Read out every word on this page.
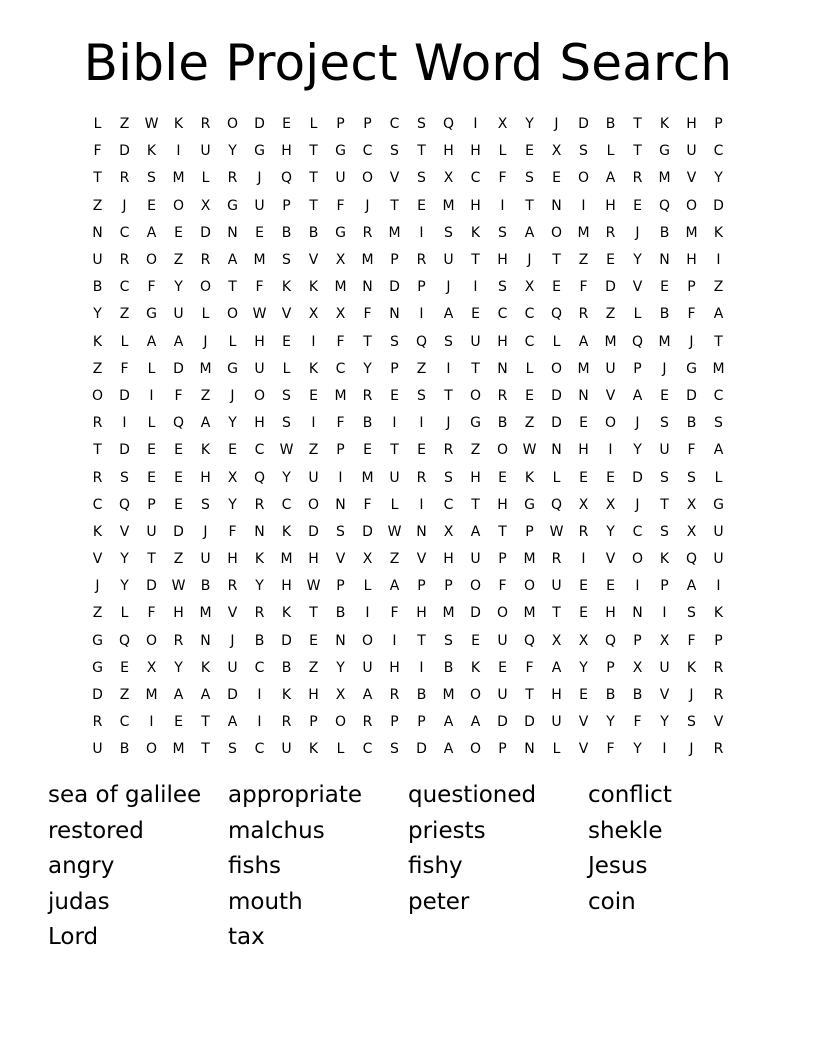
Bible Project Word Search
L	Z	W	K	R	O	D	E	L	P	P	C	S	Q	I	X	Y	J	D	B	T	K	H	P
F	D	K	I	U	Y	G	H	T	G	C	S	T	H	H	L	E	X	S	L	T	G	U	C
T	R	S	M	L	R	J	Q	T	U	O	V	S	X	C	F	S	E	O	A	R	M	V	Y
Z	J	E	O	X	G	U	P	T	F	J	T	E	M	H	I	T	N	I	H	E	Q	O	D
N	C	A	E	D	N	E	B	B	G	R	M	I	S	K	S	A	O	M	R	J	B	M	K
U	R	O	Z	R	A	M	S	V	X	M	P	R	U	T	H	J	T	Z	E	Y	N	H	I
B	C	F	Y	O	T	F	K	K	M	N	D	P	J	I	S	X	E	F	D	V	E	P	Z
Y	Z	G	U	L	O	W	V	X	X	F	N	I	A	E	C	C	Q	R	Z	L	B	F	A
K	L	A	A	J	L	H	E	I	F	T	S	Q	S	U	H	C	L	A	M	Q	M	J	T
Z	F	L	D	M	G	U	L	K	C	Y	P	Z	I	T	N	L	O	M	U	P	J	G	M
O	D	I	F	Z	J	O	S	E	M	R	E	S	T	O	R	E	D	N	V	A	E	D	C
R	I	L	Q	A	Y	H	S	I	F	B	I	I	J	G	B	Z	D	E	O	J	S	B	S
T	D	E	E	K	E	C	W	Z	P	E	T	E	R	Z	O	W	N	H	I	Y	U	F	A
R	S	E	E	H	X	Q	Y	U	I	M	U	R	S	H	E	K	L	E	E	D	S	S	L
C	Q	P	E	S	Y	R	C	O	N	F	L	I	C	T	H	G	Q	X	X	J	T	X	G
K	V	U	D	J	F	N	K	D	S	D	W	N	X	A	T	P	W	R	Y	C	S	X	U
V	Y	T	Z	U	H	K	M	H	V	X	Z	V	H	U	P	M	R	I	V	O	K	Q	U
J	Y	D	W	B	R	Y	H	W	P	L	A	P	P	O	F	O	U	E	E	I	P	A	I
Z	L	F	H	M	V	R	K	T	B	I	F	H	M	D	O	M	T	E	H	N	I	S	K
G	Q	O	R	N	J	B	D	E	N	O	I	T	S	E	U	Q	X	X	Q	P	X	F	P
G	E	X	Y	K	U	C	B	Z	Y	U	H	I	B	K	E	F	A	Y	P	X	U	K	R
D	Z	M	A	A	D	I	K	H	X	A	R	B	M	O	U	T	H	E	B	B	V	J	R
R	C	I	E	T	A	I	R	P	O	R	P	P	A	A	D	D	U	V	Y	F	Y	S	V
U	B	O	M	T	S	C	U	K	L	C	S	D	A	O	P	N	L	V	F	Y	I	J	R
sea of galilee	appropriate	questioned	conflict
restored	malchus	priests	shekle
angry	fishs	fishy	Jesus
judas	mouth	peter	coin
Lord	tax
